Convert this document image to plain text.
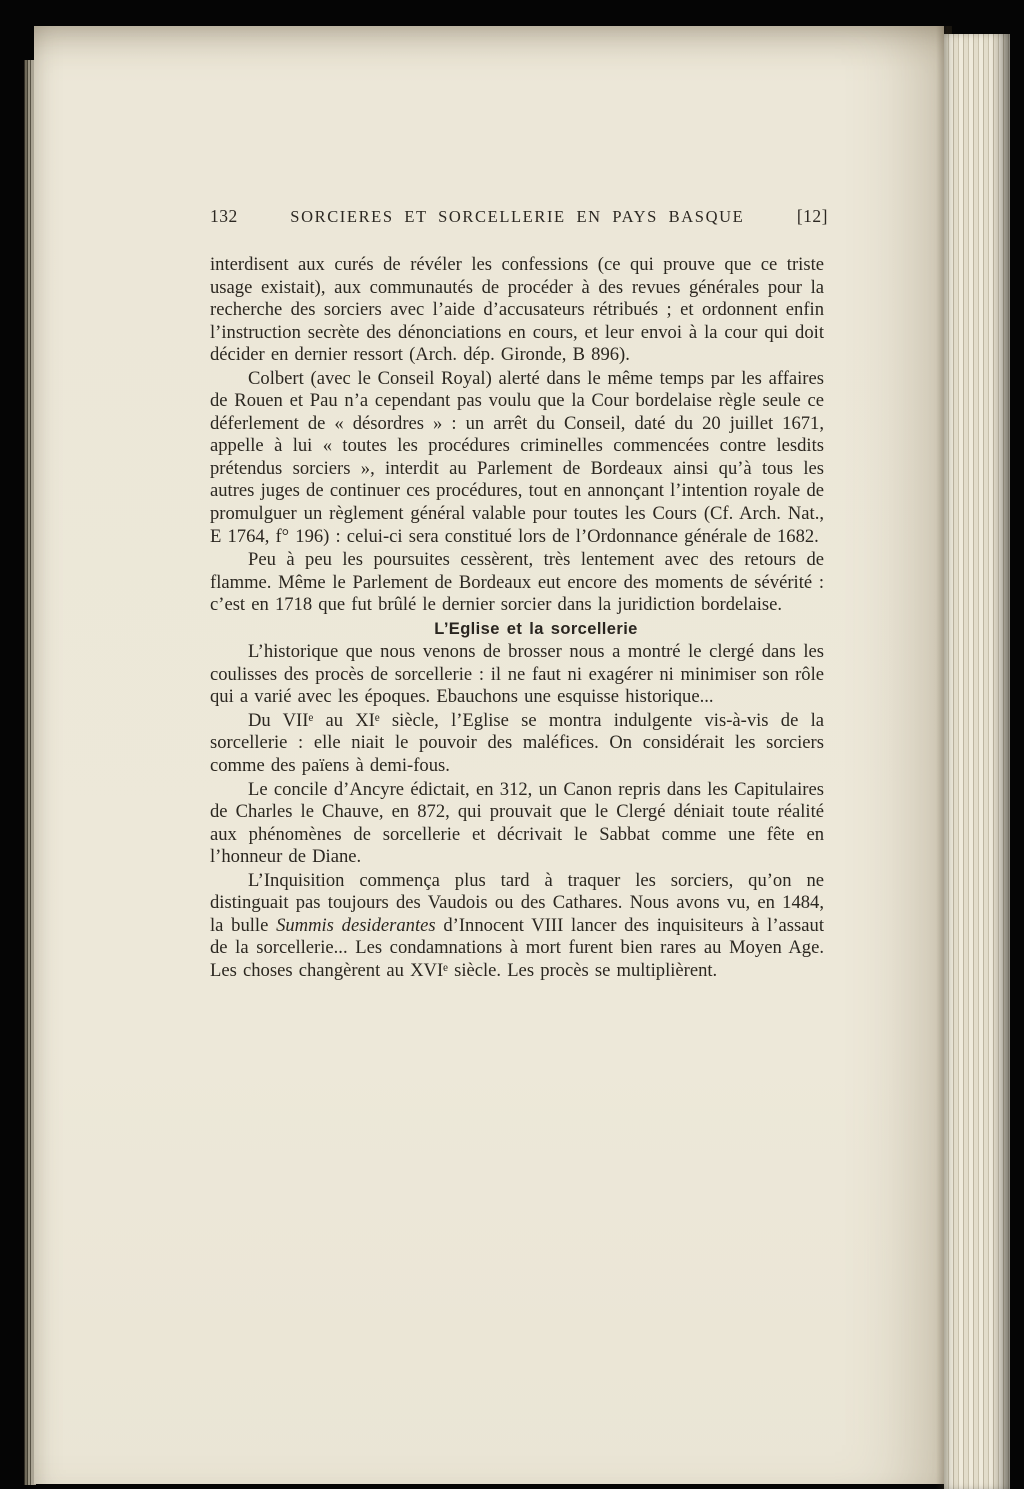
132	SORCIERES ET SORCELLERIE EN PAYS BASQUE	[12]

interdisent aux curés de révéler les confessions (ce qui prouve que ce triste usage existait), aux communautés de procéder à des revues générales pour la recherche des sorciers avec l’aide d’accusateurs rétribués ; et ordonnent enfin l’instruction secrète des dénonciations en cours, et leur envoi à la cour qui doit décider en dernier ressort (Arch. dép. Gironde, B 896).

Colbert (avec le Conseil Royal) alerté dans le même temps par les affaires de Rouen et Pau n’a cependant pas voulu que la Cour bordelaise règle seule ce déferlement de « désordres » : un arrêt du Conseil, daté du 20 juillet 1671, appelle à lui « toutes les procédures criminelles commencées contre lesdits prétendus sorciers », interdit au Parlement de Bordeaux ainsi qu’à tous les autres juges de continuer ces procédures, tout en annonçant l’intention royale de promulguer un règlement général valable pour toutes les Cours (Cf. Arch. Nat., E 1764, f° 196) : celui-ci sera constitué lors de l’Ordonnance générale de 1682.

Peu à peu les poursuites cessèrent, très lentement avec des retours de flamme. Même le Parlement de Bordeaux eut encore des moments de sévérité : c’est en 1718 que fut brûlé le dernier sorcier dans la juridiction bordelaise.

L’Eglise et la sorcellerie

L’historique que nous venons de brosser nous a montré le clergé dans les coulisses des procès de sorcellerie : il ne faut ni exagérer ni minimiser son rôle qui a varié avec les époques. Ebauchons une esquisse historique...

Du VIIᵉ au XIᵉ siècle, l’Eglise se montra indulgente vis-à-vis de la sorcellerie : elle niait le pouvoir des maléfices. On considérait les sorciers comme des païens à demi-fous.

Le concile d’Ancyre édictait, en 312, un Canon repris dans les Capitulaires de Charles le Chauve, en 872, qui prouvait que le Clergé déniait toute réalité aux phénomènes de sorcellerie et décrivait le Sabbat comme une fête en l’honneur de Diane.

L’Inquisition commença plus tard à traquer les sorciers, qu’on ne distinguait pas toujours des Vaudois ou des Cathares. Nous avons vu, en 1484, la bulle Summis desiderantes d’Innocent VIII lancer des inquisiteurs à l’assaut de la sorcellerie... Les condamnations à mort furent bien rares au Moyen Age. Les choses changèrent au XVIᵉ siècle. Les procès se multiplièrent.
